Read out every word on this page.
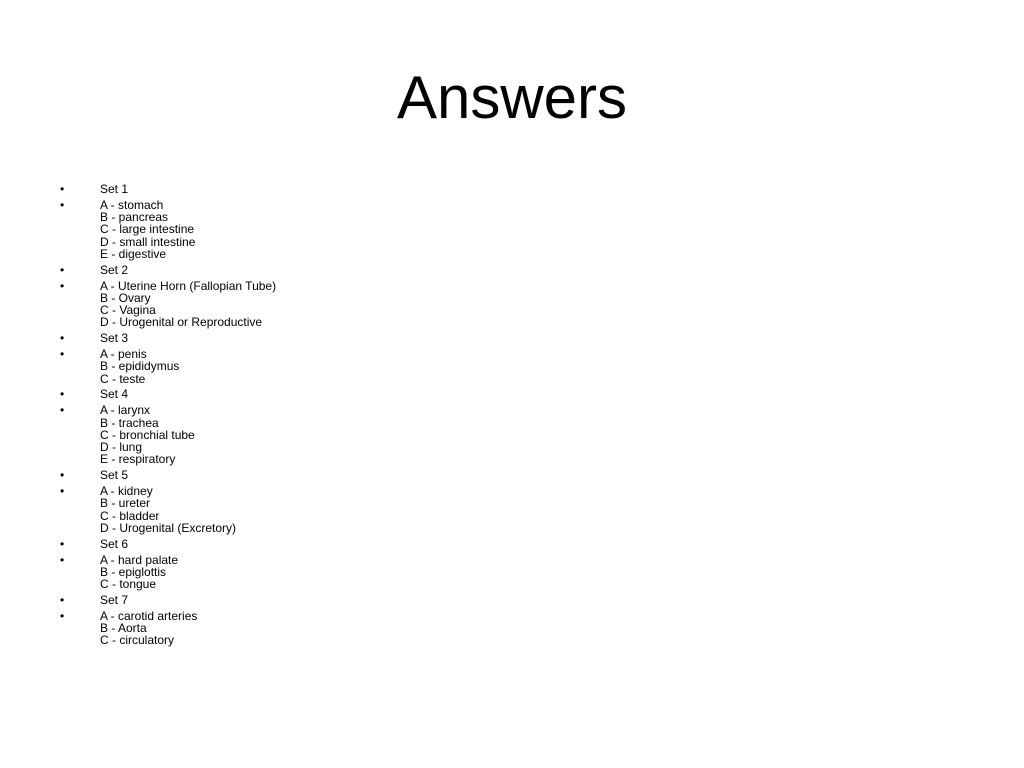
Answers
•	Set 1
•	A - stomach
B - pancreas
C - large intestine
D - small intestine
E - digestive
•	Set 2
•	A - Uterine Horn (Fallopian Tube)
B - Ovary
C - Vagina
D - Urogenital or Reproductive
•	Set 3
•	A - penis
B - epididymus
C - teste
•	Set 4
•	A - larynx
B - trachea
C - bronchial tube
D - lung
E - respiratory
•	Set 5
•	A - kidney
B - ureter
C - bladder
D - Urogenital (Excretory)
•	Set 6
•	A - hard palate
B - epiglottis
C - tongue
•	Set 7
•	A - carotid arteries
B - Aorta
C - circulatory
